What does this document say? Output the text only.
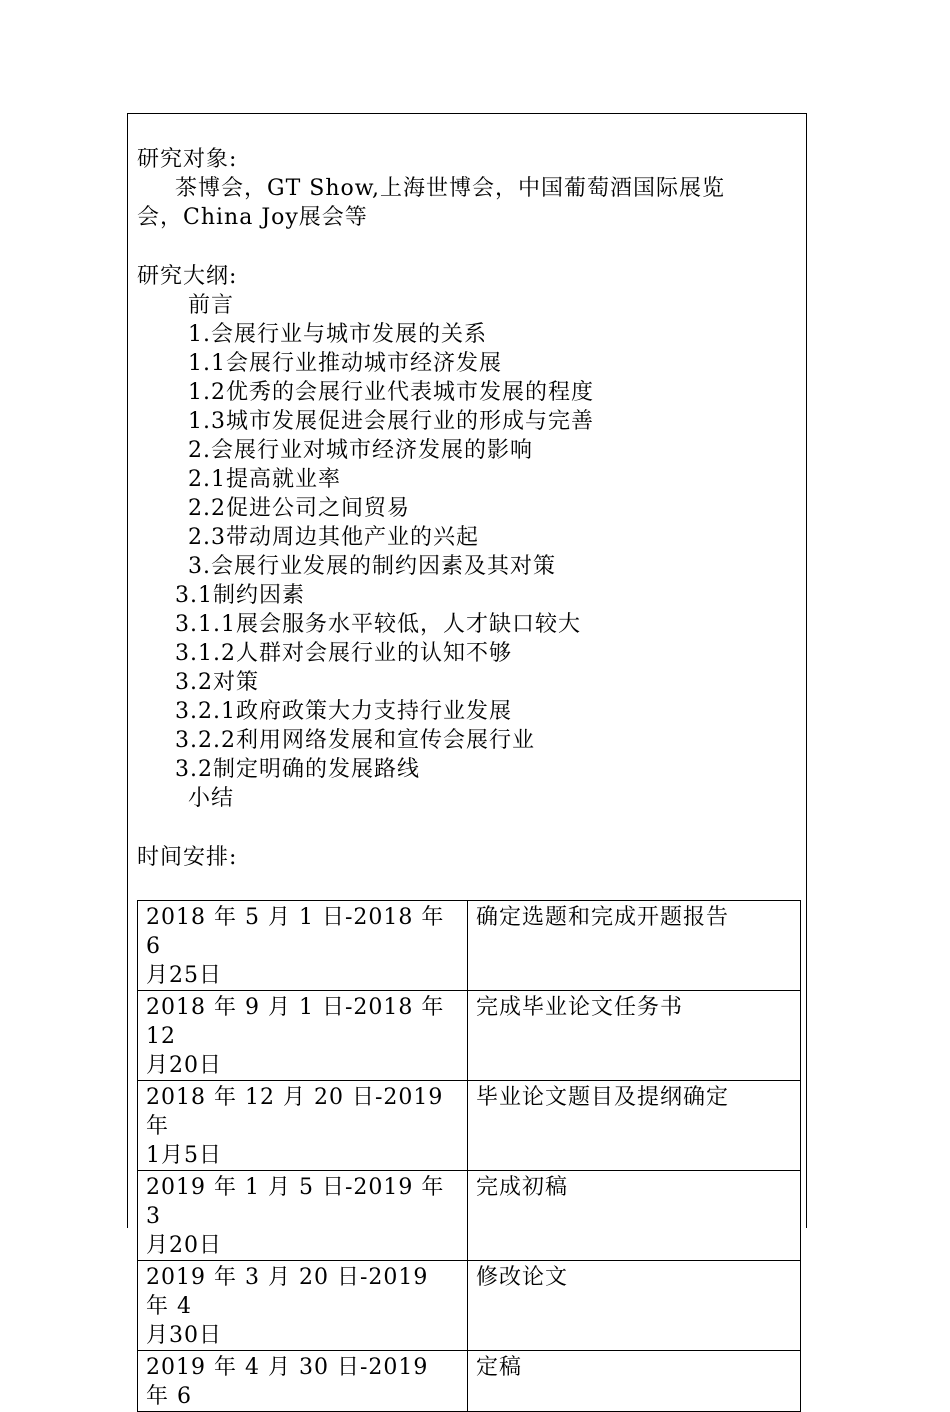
研究对象:
茶博会，GT Show,上海世博会，中国葡萄酒国际展览
会，China Joy展会等
研究大纲:
前言
1.会展行业与城市发展的关系
1.1会展行业推动城市经济发展
1.2优秀的会展行业代表城市发展的程度
1.3城市发展促进会展行业的形成与完善
2.会展行业对城市经济发展的影响
2.1提高就业率
2.2促进公司之间贸易
2.3带动周边其他产业的兴起
3.会展行业发展的制约因素及其对策
3.1制约因素
3.1.1展会服务水平较低，人才缺口较大
3.1.2人群对会展行业的认知不够
3.2对策
3.2.1政府政策大力支持行业发展
3.2.2利用网络发展和宣传会展行业
3.2制定明确的发展路线
小结
时间安排:
2018 年 5 月 1 日-2018 年 6
月25日	确定选题和完成开题报告

2018 年 9 月 1 日-2018 年 12
月20日	完成毕业论文任务书

2018 年 12 月 20 日-2019 年
1月5日	毕业论文题目及提纲确定

2019 年 1 月 5 日-2019 年 3
月20日	完成初稿

2019 年 3 月 20 日-2019 年 4
月30日	修改论文

2019 年 4 月 30 日-2019 年 6	定稿
